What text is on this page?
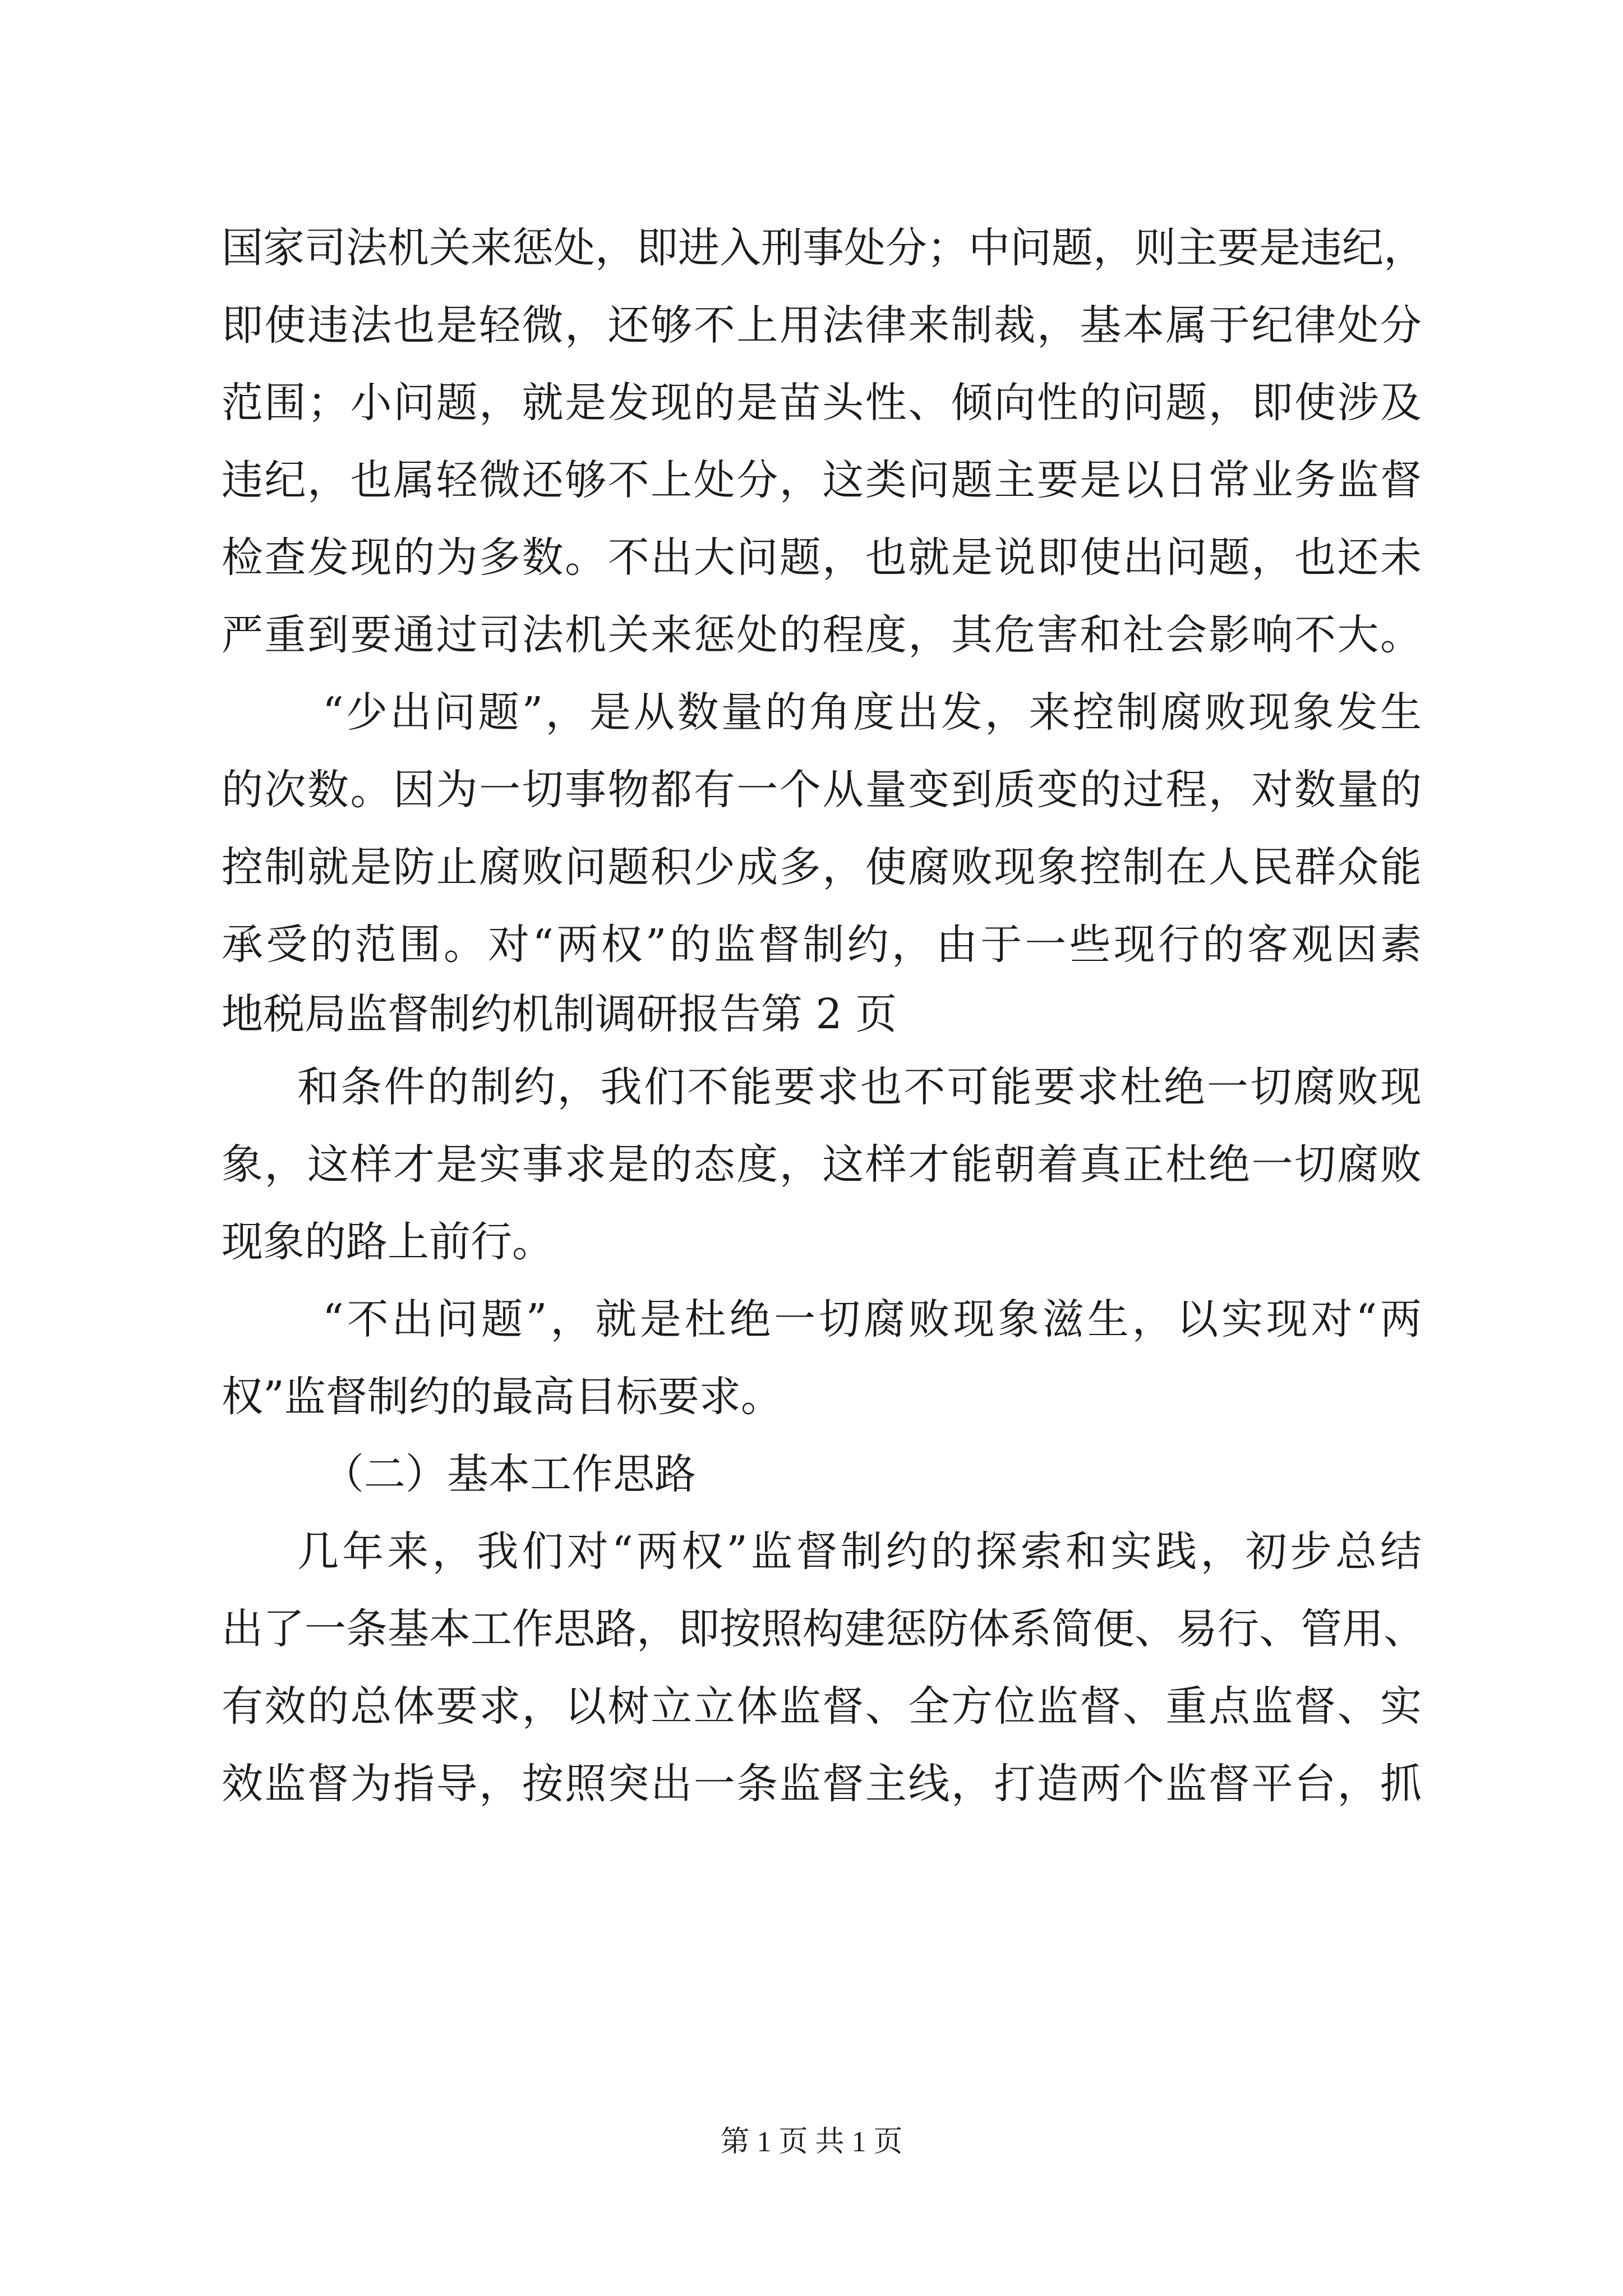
国家司法机关来惩处，即进入刑事处分；中问题，则主要是违纪，
即使违法也是轻微，还够不上用法律来制裁，基本属于纪律处分
范围；小问题，就是发现的是苗头性、倾向性的问题，即使涉及
违纪，也属轻微还够不上处分，这类问题主要是以日常业务监督
检查发现的为多数。不出大问题，也就是说即使出问题，也还未
严重到要通过司法机关来惩处的程度，其危害和社会影响不大。
“少出问题”，是从数量的角度出发，来控制腐败现象发生
的次数。因为一切事物都有一个从量变到质变的过程，对数量的
控制就是防止腐败问题积少成多，使腐败现象控制在人民群众能
承受的范围。对“两权”的监督制约，由于一些现行的客观因素
地税局监督制约机制调研报告第 2 页
和条件的制约，我们不能要求也不可能要求杜绝一切腐败现
象，这样才是实事求是的态度，这样才能朝着真正杜绝一切腐败
现象的路上前行。
“不出问题”，就是杜绝一切腐败现象滋生，以实现对“两
权”监督制约的最高目标要求。
（二）基本工作思路
几年来，我们对“两权”监督制约的探索和实践，初步总结
出了一条基本工作思路，即按照构建惩防体系简便、易行、管用、
有效的总体要求，以树立立体监督、全方位监督、重点监督、实
效监督为指导，按照突出一条监督主线，打造两个监督平台，抓
第 1 页 共 1 页
